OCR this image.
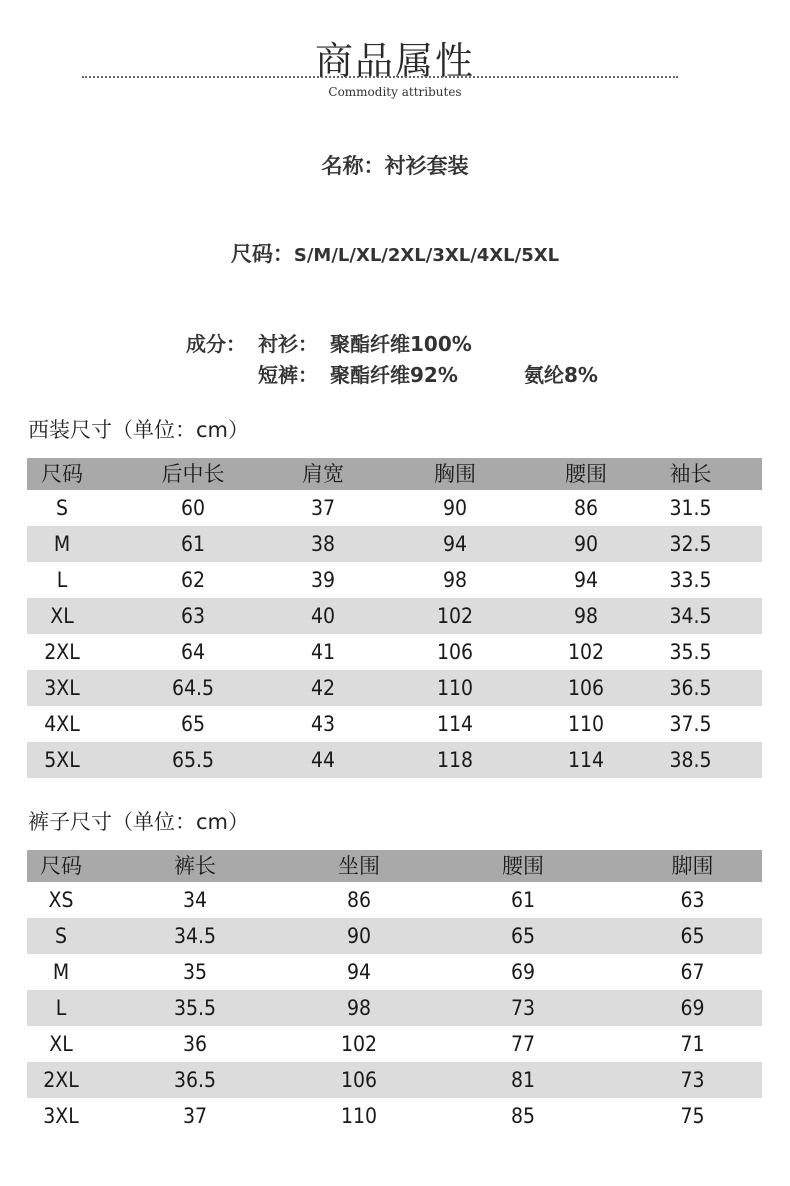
商品属性
Commodity attributes
名称：衬衫套装
尺码：S/M/L/XL/2XL/3XL/4XL/5XL
成分： 衬衫： 聚酯纤维100%
短裤： 聚酯纤维92%	氨纶8%
西装尺寸（单位：cm）
尺码	后中长	肩宽	胸围	腰围	袖长
S	60	37	90	86	31.5
M	61	38	94	90	32.5
L	62	39	98	94	33.5
XL	63	40	102	98	34.5
2XL	64	41	106	102	35.5
3XL	64.5	42	110	106	36.5
4XL	65	43	114	110	37.5
5XL	65.5	44	118	114	38.5
裤子尺寸（单位：cm）
尺码	裤长	坐围	腰围	脚围
XS	34	86	61	63
S	34.5	90	65	65
M	35	94	69	67
L	35.5	98	73	69
XL	36	102	77	71
2XL	36.5	106	81	73
3XL	37	110	85	75
